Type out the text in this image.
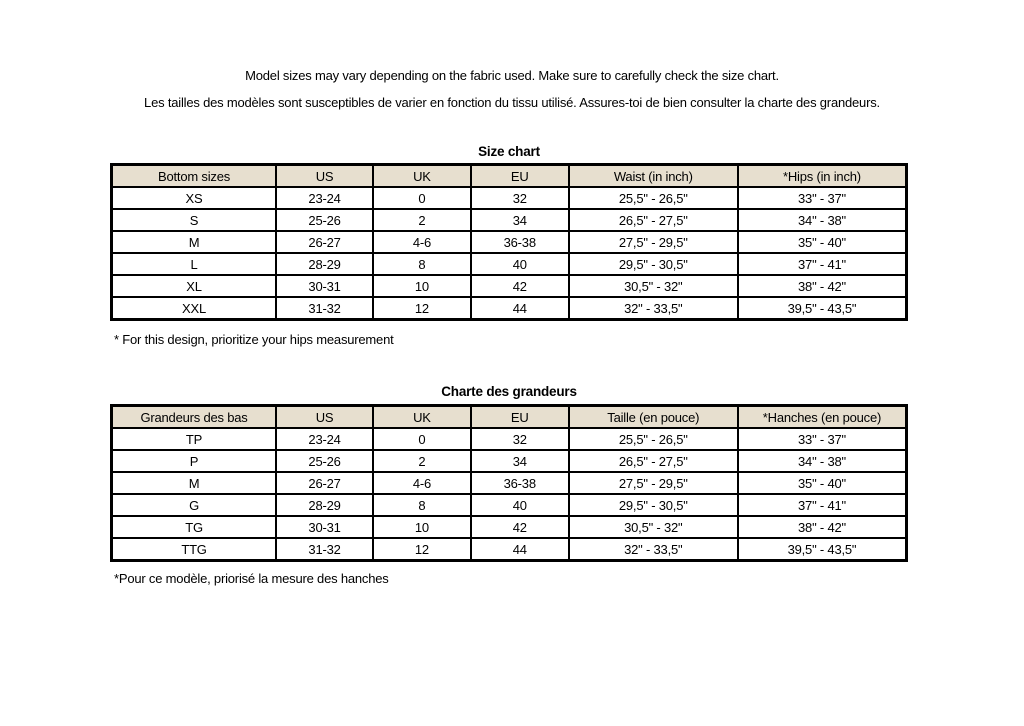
Model sizes may vary depending on the fabric used. Make sure to carefully check the size chart.
Les tailles des modèles sont susceptibles de varier en fonction du tissu utilisé. Assures-toi de bien consulter la charte des grandeurs.
Size chart
Bottom sizes	US	UK	EU	Waist (in inch)	*Hips (in inch)
XS	23-24	0	32	25,5" - 26,5"	33" - 37"
S	25-26	2	34	26,5" - 27,5"	34" - 38"
M	26-27	4-6	36-38	27,5" - 29,5"	35" - 40"
L	28-29	8	40	29,5" - 30,5"	37" - 41"
XL	30-31	10	42	30,5" - 32"	38" - 42"
XXL	31-32	12	44	32" - 33,5"	39,5" - 43,5"
* For this design, prioritize your hips measurement
Charte des grandeurs
Grandeurs des bas	US	UK	EU	Taille (en pouce)	*Hanches (en pouce)
TP	23-24	0	32	25,5" - 26,5"	33" - 37"
P	25-26	2	34	26,5" - 27,5"	34" - 38"
M	26-27	4-6	36-38	27,5" - 29,5"	35" - 40"
G	28-29	8	40	29,5" - 30,5"	37" - 41"
TG	30-31	10	42	30,5" - 32"	38" - 42"
TTG	31-32	12	44	32" - 33,5"	39,5" - 43,5"
*Pour ce modèle, priorisé la mesure des hanches
